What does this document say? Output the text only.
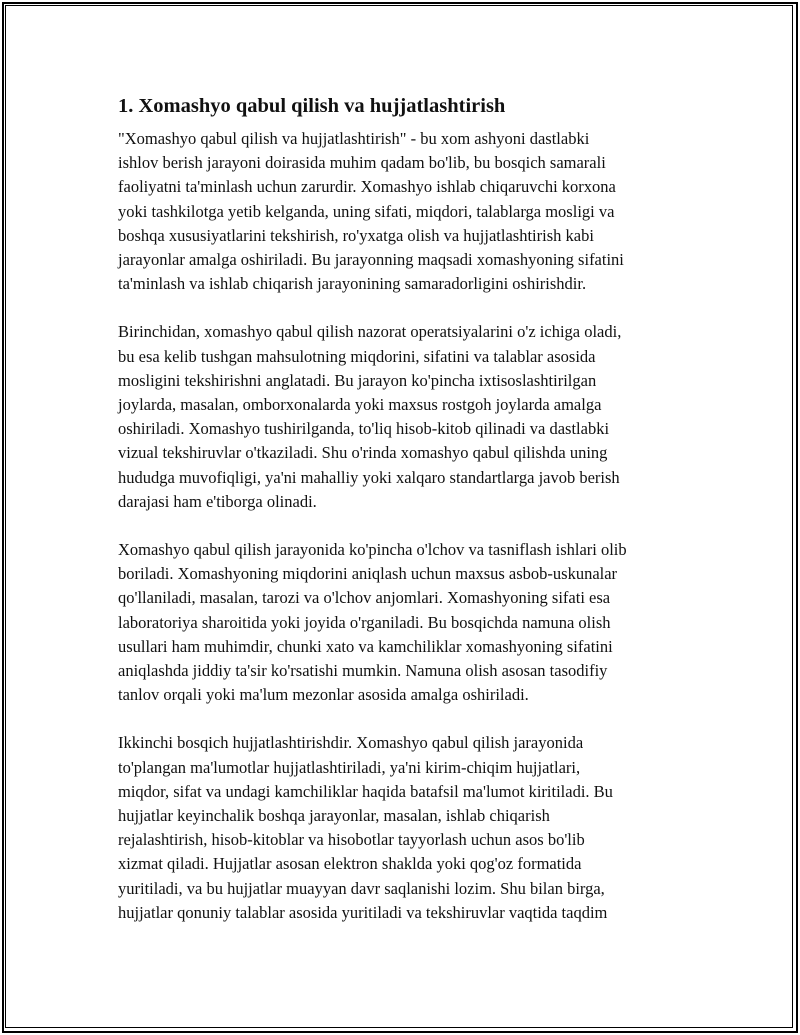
1. Xomashyo qabul qilish va hujjatlashtirish

"Xomashyo qabul qilish va hujjatlashtirish" - bu xom ashyoni dastlabki
ishlov berish jarayoni doirasida muhim qadam bo'lib, bu bosqich samarali
faoliyatni ta'minlash uchun zarurdir. Xomashyo ishlab chiqaruvchi korxona
yoki tashkilotga yetib kelganda, uning sifati, miqdori, talablarga mosligi va
boshqa xususiyatlarini tekshirish, ro'yxatga olish va hujjatlashtirish kabi
jarayonlar amalga oshiriladi. Bu jarayonning maqsadi xomashyoning sifatini
ta'minlash va ishlab chiqarish jarayonining samaradorligini oshirishdir.

Birinchidan, xomashyo qabul qilish nazorat operatsiyalarini o'z ichiga oladi,
bu esa kelib tushgan mahsulotning miqdorini, sifatini va talablar asosida
mosligini tekshirishni anglatadi. Bu jarayon ko'pincha ixtisoslashtirilgan
joylarda, masalan, omborxonalarda yoki maxsus rostgoh joylarda amalga
oshiriladi. Xomashyo tushirilganda, to'liq hisob-kitob qilinadi va dastlabki
vizual tekshiruvlar o'tkaziladi. Shu o'rinda xomashyo qabul qilishda uning
hududga muvofiqligi, ya'ni mahalliy yoki xalqaro standartlarga javob berish
darajasi ham e'tiborga olinadi.

Xomashyo qabul qilish jarayonida ko'pincha o'lchov va tasniflash ishlari olib
boriladi. Xomashyoning miqdorini aniqlash uchun maxsus asbob-uskunalar
qo'llaniladi, masalan, tarozi va o'lchov anjomlari. Xomashyoning sifati esa
laboratoriya sharoitida yoki joyida o'rganiladi. Bu bosqichda namuna olish
usullari ham muhimdir, chunki xato va kamchiliklar xomashyoning sifatini
aniqlashda jiddiy ta'sir ko'rsatishi mumkin. Namuna olish asosan tasodifiy
tanlov orqali yoki ma'lum mezonlar asosida amalga oshiriladi.

Ikkinchi bosqich hujjatlashtirishdir. Xomashyo qabul qilish jarayonida
to'plangan ma'lumotlar hujjatlashtiriladi, ya'ni kirim-chiqim hujjatlari,
miqdor, sifat va undagi kamchiliklar haqida batafsil ma'lumot kiritiladi. Bu
hujjatlar keyinchalik boshqa jarayonlar, masalan, ishlab chiqarish
rejalashtirish, hisob-kitoblar va hisobotlar tayyorlash uchun asos bo'lib
xizmat qiladi. Hujjatlar asosan elektron shaklda yoki qog'oz formatida
yuritiladi, va bu hujjatlar muayyan davr saqlanishi lozim. Shu bilan birga,
hujjatlar qonuniy talablar asosida yuritiladi va tekshiruvlar vaqtida taqdim
